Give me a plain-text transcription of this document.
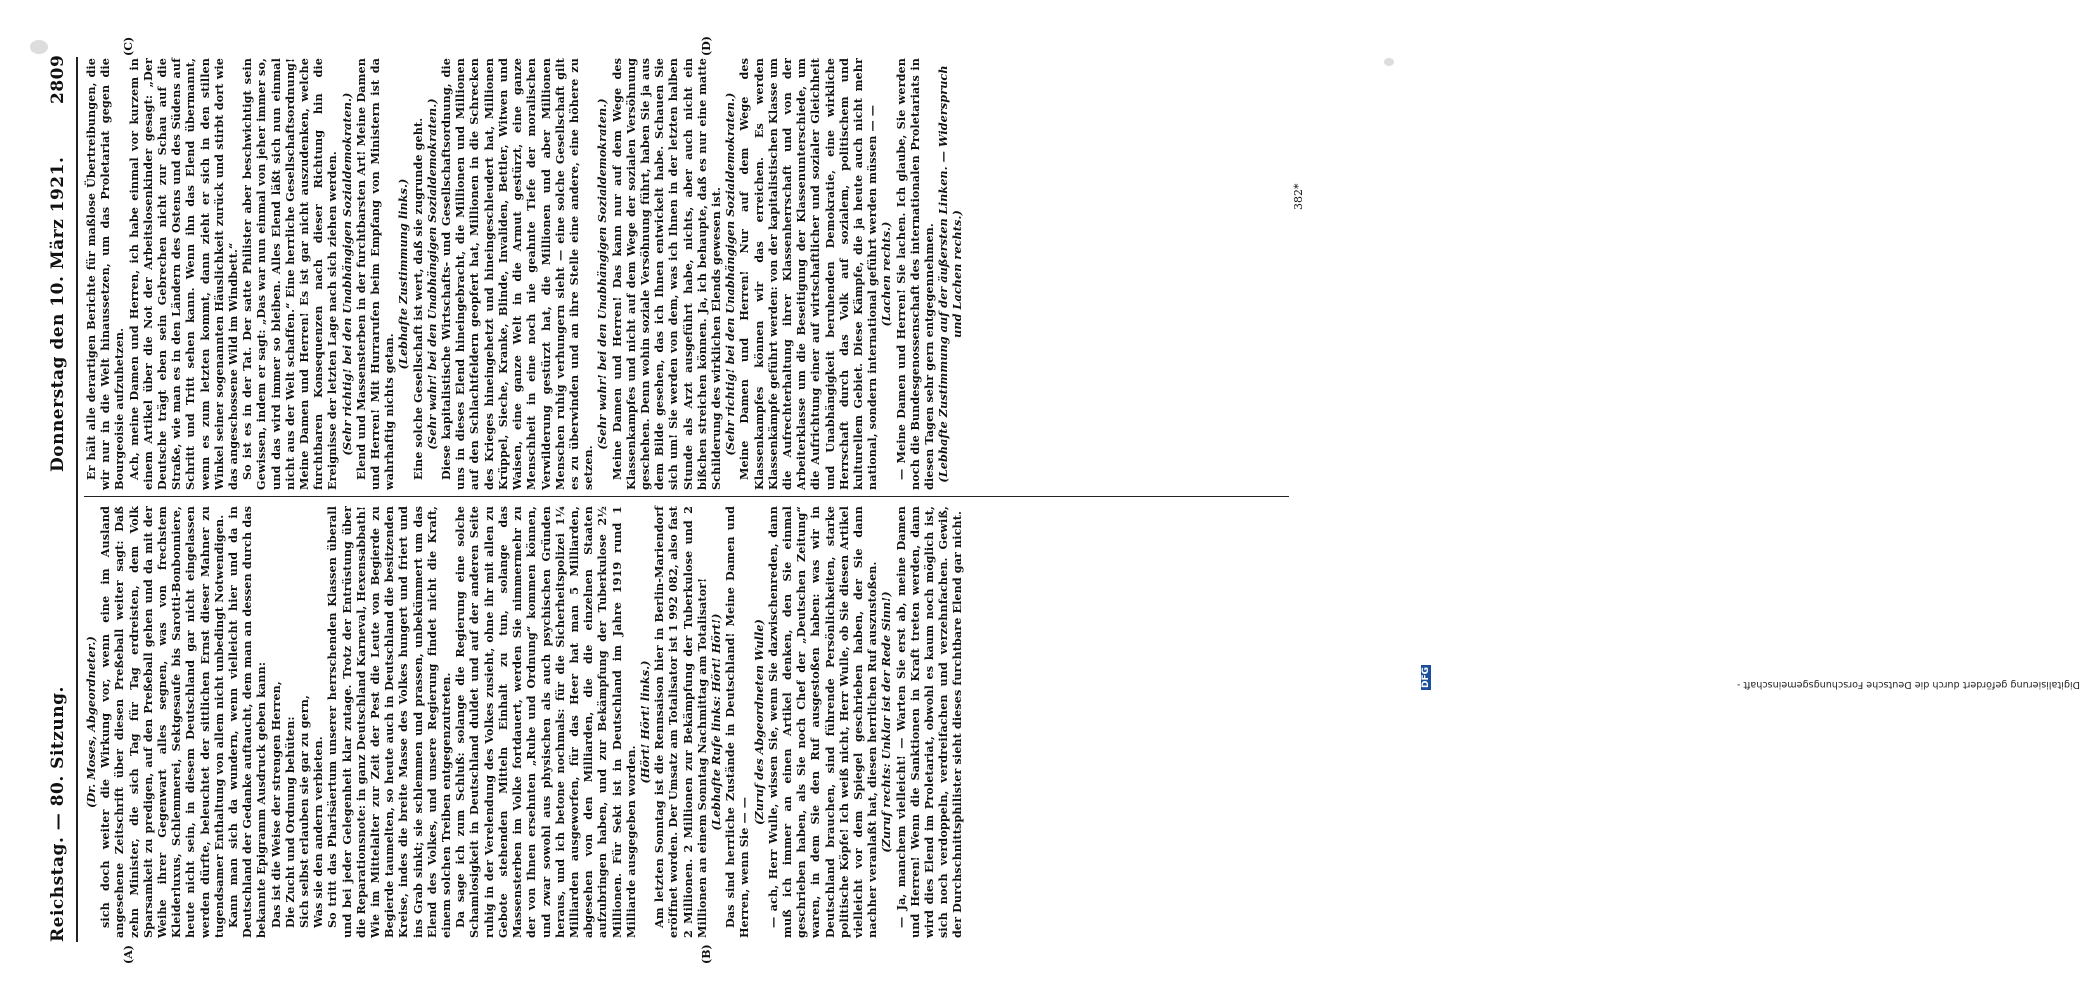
Reichstag. — 80. Sitzung.
Donnerstag den 10. März 1921.
2809
(A)	(B)
(C)	(D)

(Dr. Moses, Abgeordneter.) sich doch weiter die Wirkung vor, wenn eine im Ausland angesehene Zeitschrift über diesen Preßeball weiter sagt: Daß zehn Minister, die sich Tag für Tag erdreisten, dem Volk Sparsamkeit zu predigen, auf den Preßeball gehen und da mit der Weihe ihrer Gegenwart alles segnen, was von frechstem Kleiderluxus, Schlemmerei, Sektgesaufe bis Sarotti-Bonbonniere, heute nicht sein, in diesem Deutschland gar nicht eingelassen werden dürfte, beleuchtet der sittlichen Ernst dieser Mahner zu tugendsamer Enthaltung von allem nicht unbedingt Notwendigen. Kann man sich da wundern, wenn vielleicht hier und da in Deutschland der Gedanke auftaucht, dem man an dessen durch das bekannte Epigramm Ausdruck geben kann: Das ist die Weise der strengen Herren, Die Zucht und Ordnung behüten: Sich selbst erlauben sie gar zu gern, Was sie den andern verbieten. So tritt das Pharisäertum unserer herrschenden Klassen überall und bei jeder Gelegenheit klar zutage. Trotz der Entrüstung über die Reparationsnote: in ganz Deutschland Karneval, Hexensabbath! Wie im Mittelalter zur Zeit der Pest die Leute von Begierde zu Begierde taumelten, so heute auch in Deutschland die besitzenden Kreise, indes die breite Masse des Volkes hungert und friert und ins Grab sinkt; sie schlemmen und prassen, unbekümmert um das Elend des Volkes, und unsere Regierung findet nicht die Kraft, einem solchen Treiben entgegenzutreten. Da sage ich zum Schluß: solange die Regierung eine solche Schamlosigkeit in Deutschland duldet und auf der anderen Seite ruhig in der Verelendung des Volkes zusieht, ohne ihr mit allen zu Gebote stehenden Mitteln Einhalt zu tun, solange das Massensterben im Volke fortdauert, werden Sie nimmermehr zu der von Ihnen ersehnten „Ruhe und Ordnung“ kommen können, und zwar sowohl aus physischen als auch psychischen Gründen heraus, und ich betone nochmals: für die Sicherheitspolizei 1¼ Milliarden ausgeworfen, für das Heer hat man 5 Milliarden, abgesehen von den Milliarden, die die einzelnen Staaten aufzubringen haben, und zur Bekämpfung der Tuberkulose 2½ Millionen. Für Sekt ist in Deutschland im Jahre 1919 rund 1 Milliarde ausgegeben worden.

(Hört! Hört! links.) Am letzten Sonntag ist die Rennsaison hier in Berlin-Mariendorf eröffnet worden. Der Umsatz am Totalisator ist 1 992 082, also fast 2 Millionen. 2 Millionen zur Bekämpfung der Tuberkulose und 2 Millionen an einem Sonntag Nachmittag am Totalisator! (Lebhafte Rufe links: Hört! Hört!) Das sind herrliche Zustände in Deutschland! Meine Damen und Herren, wenn Sie — —

(Zuruf des Abgeordneten Wulle) — ach, Herr Wulle, wissen Sie, wenn Sie dazwischenreden, dann muß ich immer an einen Artikel denken, den Sie einmal geschrieben haben, als Sie noch Chef der „Deutschen Zeitung“ waren, in dem Sie den Ruf ausgestoßen haben: was wir in Deutschland brauchen, sind führende Persönlichkeiten, starke politische Köpfe! Ich weiß nicht, Herr Wulle, ob Sie diesen Artikel vielleicht vor dem Spiegel geschrieben haben, der Sie dann nachher veranlaßt hat, diesen herrlichen Ruf auszustoßen. (Zuruf rechts: Unklar ist der Rede Sinn!) — Ja, manchem vielleicht! — Warten Sie erst ab, meine Damen und Herren! Wenn die Sanktionen in Kraft treten werden, dann wird dies Elend im Proletariat, obwohl es kaum noch möglich ist, sich noch verdoppeln, verdreifachen und verzehnfachen. Gewiß, der Durchschnittsphilister sieht dieses furchtbare Elend gar nicht.

Er hält alle derartigen Berichte für maßlose Übertreibungen, die wir nur in die Welt hinaussetzen, um das Proletariat gegen die Bourgeoisie aufzuhetzen. Ach, meine Damen und Herren, ich habe einmal vor kurzem in einem Artikel über die Not der Arbeitslosenkinder gesagt: „Der Deutsche trägt eben sein Gebrechen nicht zur Schau auf die Straße, wie man es in den Ländern des Ostens und des Südens auf Schritt und Tritt sehen kann. Wenn ihn das Elend übermannt, wenn es zum letzten kommt, dann zieht er sich in den stillen Winkel seiner sogenannten Häuslichkeit zurück und stirbt dort wie das angeschossene Wild im Windbett.“ So ist es in der Tat. Der satte Philister aber beschwichtigt sein Gewissen, indem er sagt: „Das war nun einmal von jeher immer so, und das wird immer so bleiben. Alles Elend läßt sich nun einmal nicht aus der Welt schaffen.“ Eine herrliche Gesellschaftsordnung! Meine Damen und Herren! Es ist gar nicht auszudenken, welche furchtbaren Konsequenzen nach dieser Richtung hin die Ereignisse der letzten Lage nach sich ziehen werden. (Sehr richtig! bei den Unabhängigen Sozialdemokraten.) Elend und Massensterben in der furchtbarsten Art! Meine Damen und Herren! Mit Hurrarufen beim Empfang von Ministern ist da wahrhaftig nichts getan.

(Lebhafte Zustimmung links.) Eine solche Gesellschaft ist wert, daß sie zugrunde geht. (Sehr wahr! bei den Unabhängigen Sozialdemokraten.) Diese kapitalistische Wirtschafts- und Gesellschaftsordnung, die uns in dieses Elend hineingebracht, die Millionen und Millionen auf den Schlachtfeldern geopfert hat, Millionen in die Schrecken des Krieges hineingehetzt und hineingeschleudert hat, Millionen Krüppel, Sieche, Kranke, Blinde, Invaliden, Bettler, Witwen und Waisen, eine ganze Welt in die Armut gestürzt, eine ganze Menschheit in eine noch nie geahnte Tiefe der moralischen Verwilderung gestürzt hat, die Millionen und aber Millionen Menschen ruhig verhungern sieht — eine solche Gesellschaft gilt es zu überwinden und an ihre Stelle eine andere, eine höhere zu setzen.

(Sehr wahr! bei den Unabhängigen Sozialdemokraten.) Meine Damen und Herren! Das kann nur auf dem Wege des Klassenkampfes und nicht auf dem Wege der sozialen Versöhnung geschehen. Denn wohin soziale Versöhnung führt, haben Sie ja aus dem Bilde gesehen, das ich Ihnen entwickelt habe. Schauen Sie sich um! Sie werden von dem, was ich Ihnen in der letzten halben Stunde als Arzt ausgeführt habe, nichts, aber auch nicht ein bißchen streichen können. Ja, ich behaupte, daß es nur eine matte Schilderung des wirklichen Elends gewesen ist. (Sehr richtig! bei den Unabhängigen Sozialdemokraten.) Meine Damen und Herren! Nur auf dem Wege des Klassenkampfes können wir das erreichen. Es werden Klassenkämpfe geführt werden: von der kapitalistischen Klasse um die Aufrechterhaltung ihrer Klassenherrschaft und von der Arbeiterklasse um die Beseitigung der Klassenunterschiede, um die Aufrichtung einer auf wirtschaftlicher und sozialer Gleichheit und Unabhängigkeit beruhenden Demokratie, eine wirkliche Herrschaft durch das Volk auf sozialem, politischem und kulturellem Gebiet. Diese Kämpfe, die ja heute auch nicht mehr national, sondern international geführt werden müssen — — (Lachen rechts.) — Meine Damen und Herren! Sie lachen. Ich glaube, Sie werden noch die Bundesgenossenschaft des internationalen Proletariats in diesen Tagen sehr gern entgegennehmen. (Lebhafte Zustimmung auf der äußersten Linken. — Widerspruch und Lachen rechts.)

382*
Digitalisierung gefördert durch die Deutsche Forschungsgemeinschaft -
DFG
